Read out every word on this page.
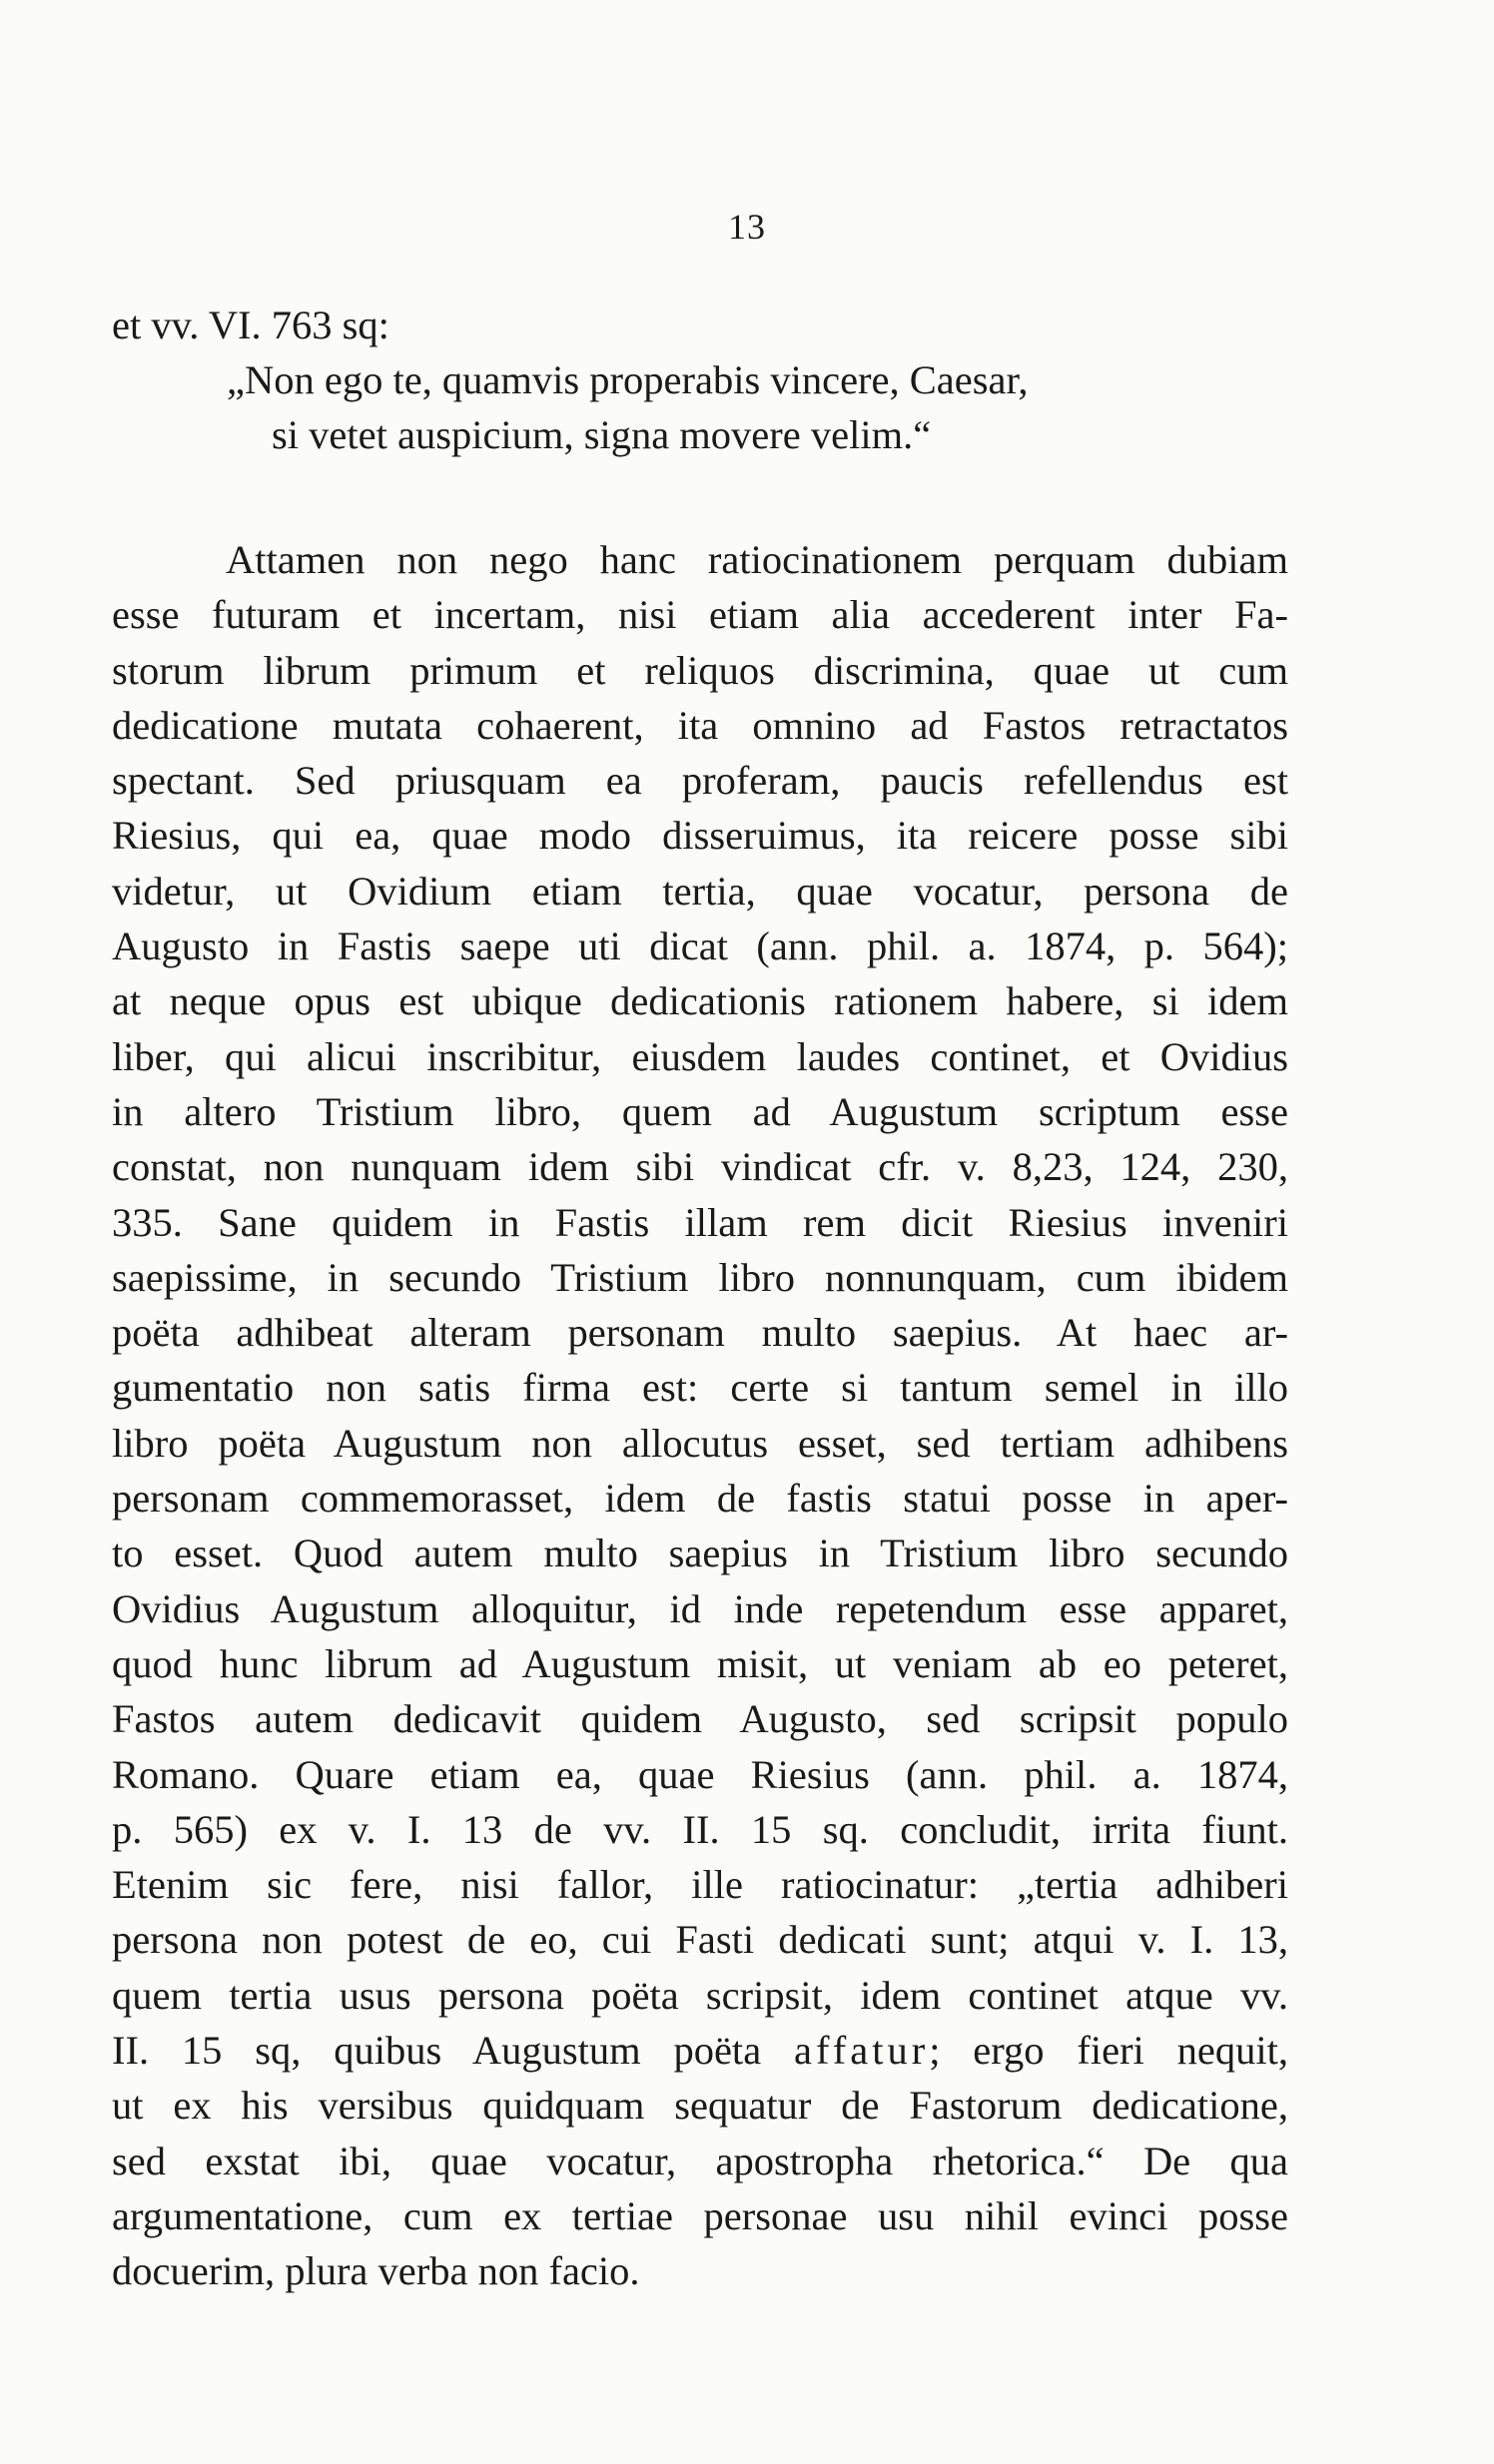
13
et vv. VI. 763 sq:
„Non ego te, quamvis properabis vincere, Caesar,
si vetet auspicium, signa movere velim.“
Attamen non nego hanc ratiocinationem perquam dubiam
esse futuram et incertam, nisi etiam alia accederent inter Fa-
storum librum primum et reliquos discrimina, quae ut cum
dedicatione mutata cohaerent, ita omnino ad Fastos retractatos
spectant. Sed priusquam ea proferam, paucis refellendus est
Riesius, qui ea, quae modo disseruimus, ita reicere posse sibi
videtur, ut Ovidium etiam tertia, quae vocatur, persona de
Augusto in Fastis saepe uti dicat (ann. phil. a. 1874, p. 564);
at neque opus est ubique dedicationis rationem habere, si idem
liber, qui alicui inscribitur, eiusdem laudes continet, et Ovidius
in altero Tristium libro, quem ad Augustum scriptum esse
constat, non nunquam idem sibi vindicat cfr. v. 8,23, 124, 230,
335. Sane quidem in Fastis illam rem dicit Riesius inveniri
saepissime, in secundo Tristium libro nonnunquam, cum ibidem
poëta adhibeat alteram personam multo saepius. At haec ar-
gumentatio non satis firma est: certe si tantum semel in illo
libro poëta Augustum non allocutus esset, sed tertiam adhibens
personam commemorasset, idem de fastis statui posse in aper-
to esset. Quod autem multo saepius in Tristium libro secundo
Ovidius Augustum alloquitur, id inde repetendum esse apparet,
quod hunc librum ad Augustum misit, ut veniam ab eo peteret,
Fastos autem dedicavit quidem Augusto, sed scripsit populo
Romano. Quare etiam ea, quae Riesius (ann. phil. a. 1874,
p. 565) ex v. I. 13 de vv. II. 15 sq. concludit, irrita fiunt.
Etenim sic fere, nisi fallor, ille ratiocinatur: „tertia adhiberi
persona non potest de eo, cui Fasti dedicati sunt; atqui v. I. 13,
quem tertia usus persona poëta scripsit, idem continet atque vv.
II. 15 sq, quibus Augustum poëta affatur; ergo fieri nequit,
ut ex his versibus quidquam sequatur de Fastorum dedicatione,
sed exstat ibi, quae vocatur, apostropha rhetorica.“ De qua
argumentatione, cum ex tertiae personae usu nihil evinci posse
docuerim, plura verba non facio.
